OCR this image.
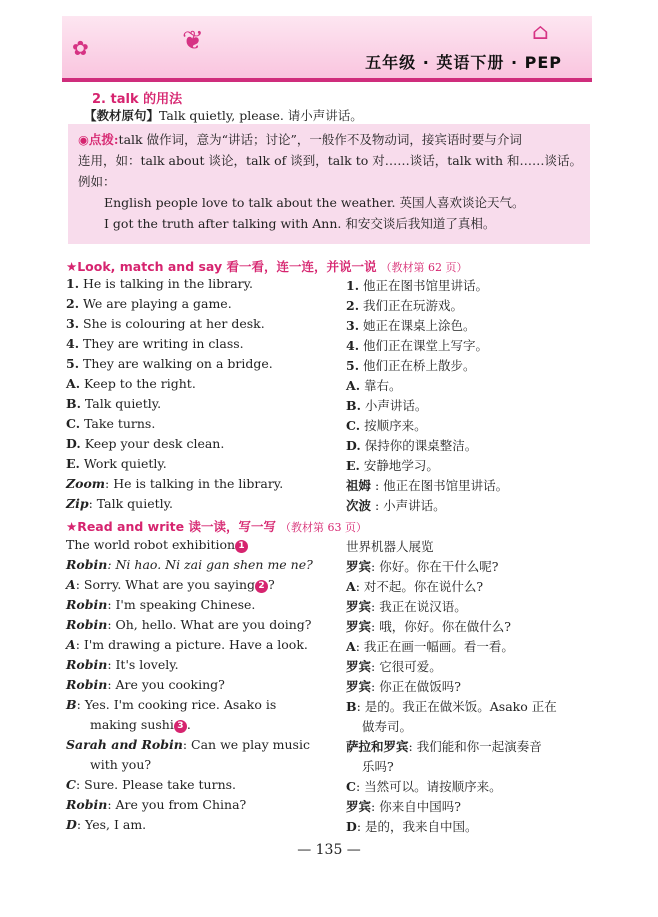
✿	❦	⌂
五年级 · 英语下册 · PEP
2. talk 的用法
【教材原句】Talk quietly, please. 请小声讲话。
◉点拨:talk 做作词，意为“讲话；讨论”，一般作不及物动词，接宾语时要与介词
连用，如：talk about 谈论，talk of 谈到，talk to 对……谈话，talk with 和……谈话。
例如：
English people love to talk about the weather. 英国人喜欢谈论天气。
I got the truth after talking with Ann. 和安交谈后我知道了真相。
★Look, match and say 看一看，连一连，并说一说 （教材第 62 页）
1. He is talking in the library.
2. We are playing a game.
3. She is colouring at her desk.
4. They are writing in class.
5. They are walking on a bridge.
A. Keep to the right.
B. Talk quietly.
C. Take turns.
D. Keep your desk clean.
E. Work quietly.
Zoom: He is talking in the library.
Zip: Talk quietly.
1. 他正在图书馆里讲话。
2. 我们正在玩游戏。
3. 她正在课桌上涂色。
4. 他们正在课堂上写字。
5. 他们正在桥上散步。
A. 靠右。
B. 小声讲话。
C. 按顺序来。
D. 保持你的课桌整洁。
E. 安静地学习。
祖姆 : 他正在图书馆里讲话。
次波 : 小声讲话。
★Read and write 读一读，写一写 （教材第 63 页）
The world robot exhibition 1
Robin: Ni hao. Ni zai gan shen me ne?
A: Sorry. What are you saying 2 ?
Robin: I'm speaking Chinese.
Robin: Oh, hello. What are you doing?
A: I'm drawing a picture. Have a look.
Robin: It's lovely.
Robin: Are you cooking?
B: Yes. I'm cooking rice. Asako is
making sushi 3 .
Sarah and Robin: Can we play music
with you?
C: Sure. Please take turns.
Robin: Are you from China?
D: Yes, I am.
世界机器人展览
罗宾: 你好。你在干什么呢?
A: 对不起。你在说什么?
罗宾: 我正在说汉语。
罗宾: 哦，你好。你在做什么?
A: 我正在画一幅画。看一看。
罗宾: 它很可爱。
罗宾: 你正在做饭吗?
B: 是的。我正在做米饭。Asako 正在
做寿司。
萨拉和罗宾: 我们能和你一起演奏音
乐吗?
C: 当然可以。请按顺序来。
罗宾: 你来自中国吗?
D: 是的，我来自中国。
— 135 —
